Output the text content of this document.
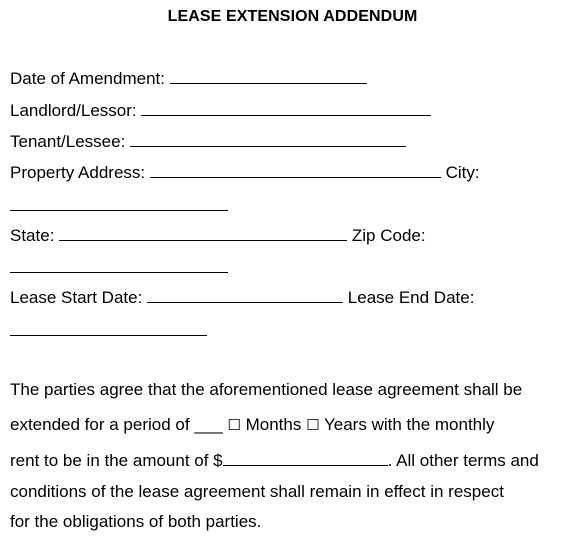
LEASE EXTENSION ADDENDUM
Date of Amendment:
Landlord/Lessor:
Tenant/Lessee:
Property Address:	City:
State:	Zip Code:
Lease Start Date:	Lease End Date:
The parties agree that the aforementioned lease agreement shall be
extended for a period of ___ ☐ Months ☐ Years with the monthly
rent to be in the amount of $	. All other terms and
conditions of the lease agreement shall remain in effect in respect
for the obligations of both parties.
